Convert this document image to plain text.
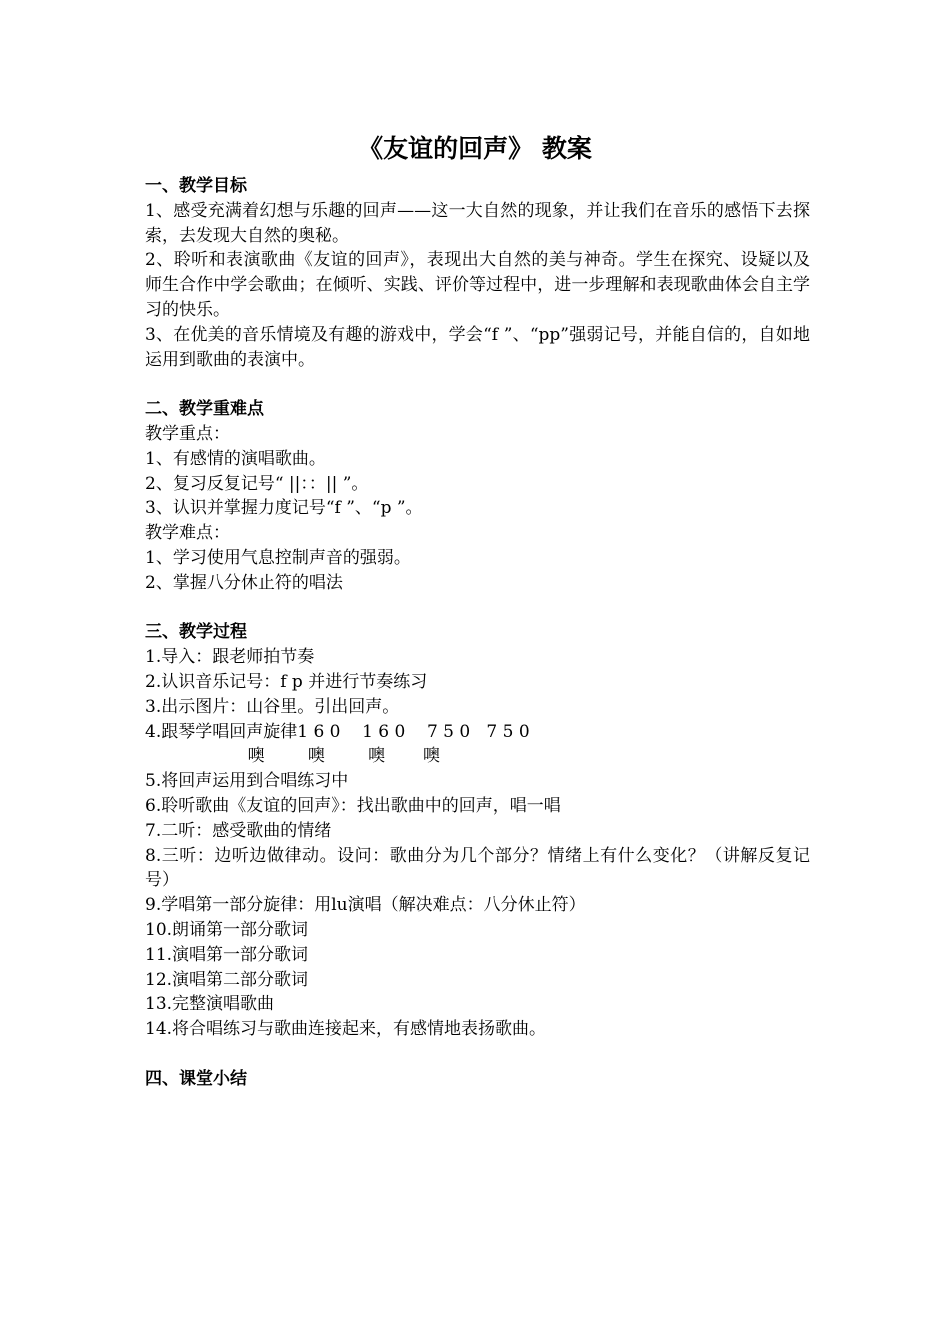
《友谊的回声》 教案
一、教学目标
1、感受充满着幻想与乐趣的回声——这一大自然的现象，并让我们在音乐的感悟下去探索，去发现大自然的奥秘。
2、聆听和表演歌曲《友谊的回声》，表现出大自然的美与神奇。学生在探究、设疑以及师生合作中学会歌曲；在倾听、实践、评价等过程中，进一步理解和表现歌曲体会自主学习的快乐。
3、在优美的音乐情境及有趣的游戏中，学会“f ”、“pp”强弱记号，并能自信的，自如地运用到歌曲的表演中。
二、教学重难点
教学重点：
1、有感情的演唱歌曲。
2、复习反复记号“ ||：：|| ”。
3、认识并掌握力度记号“f ”、“p ”。
教学难点：
1、学习使用气息控制声音的强弱。
2、掌握八分休止符的唱法
三、教学过程
1.导入：跟老师拍节奏
2.认识音乐记号：f p 并进行节奏练习
3.出示图片：山谷里。引出回声。
4.跟琴学唱回声旋律1 6 0    1 6 0    7 5 0   7 5 0
噢        噢        噢       噢
5.将回声运用到合唱练习中
6.聆听歌曲《友谊的回声》：找出歌曲中的回声，唱一唱
7.二听：感受歌曲的情绪
8.三听：边听边做律动。设问：歌曲分为几个部分？情绪上有什么变化？（讲解反复记号）
9.学唱第一部分旋律：用lu演唱（解决难点：八分休止符）
10.朗诵第一部分歌词
11.演唱第一部分歌词
12.演唱第二部分歌词
13.完整演唱歌曲
14.将合唱练习与歌曲连接起来，有感情地表扬歌曲。
四、课堂小结
